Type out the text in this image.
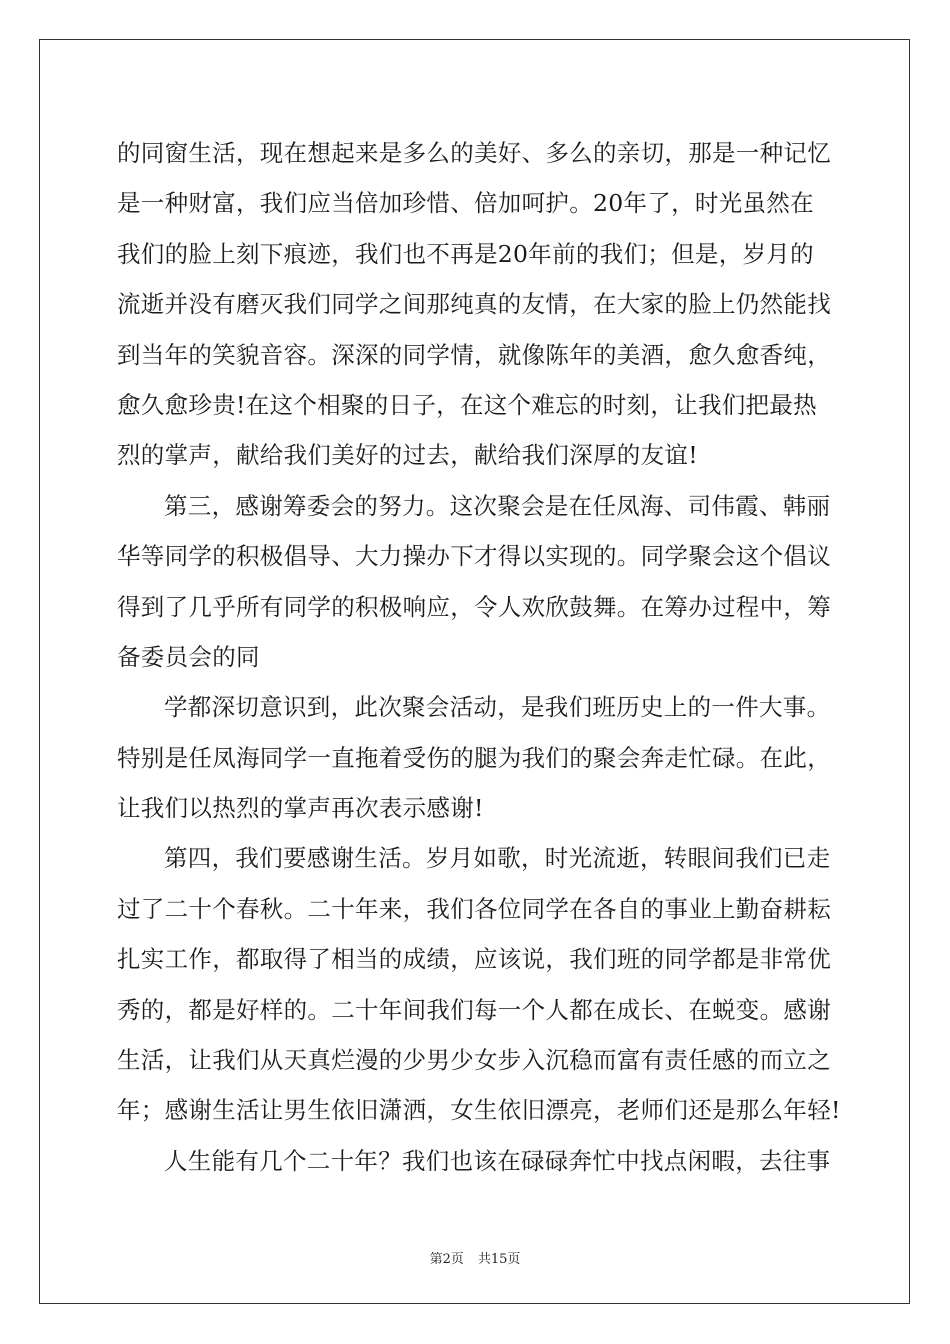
的同窗生活，现在想起来是多么的美好、多么的亲切，那是一种记忆
是一种财富，我们应当倍加珍惜、倍加呵护。20年了，时光虽然在
我们的脸上刻下痕迹，我们也不再是20年前的我们；但是，岁月的
流逝并没有磨灭我们同学之间那纯真的友情，在大家的脸上仍然能找
到当年的笑貌音容。深深的同学情，就像陈年的美酒，愈久愈香纯，
愈久愈珍贵!在这个相聚的日子，在这个难忘的时刻，让我们把最热
烈的掌声，献给我们美好的过去，献给我们深厚的友谊!
第三，感谢筹委会的努力。这次聚会是在任凤海、司伟霞、韩丽
华等同学的积极倡导、大力操办下才得以实现的。同学聚会这个倡议
得到了几乎所有同学的积极响应，令人欢欣鼓舞。在筹办过程中，筹
备委员会的同
学都深切意识到，此次聚会活动，是我们班历史上的一件大事。
特别是任凤海同学一直拖着受伤的腿为我们的聚会奔走忙碌。在此，
让我们以热烈的掌声再次表示感谢!
第四，我们要感谢生活。岁月如歌，时光流逝，转眼间我们已走
过了二十个春秋。二十年来，我们各位同学在各自的事业上勤奋耕耘
扎实工作，都取得了相当的成绩，应该说，我们班的同学都是非常优
秀的，都是好样的。二十年间我们每一个人都在成长、在蜕变。感谢
生活，让我们从天真烂漫的少男少女步入沉稳而富有责任感的而立之
年；感谢生活让男生依旧潇洒，女生依旧漂亮，老师们还是那么年轻!
人生能有几个二十年？我们也该在碌碌奔忙中找点闲暇，去往事
第2页 共15页
